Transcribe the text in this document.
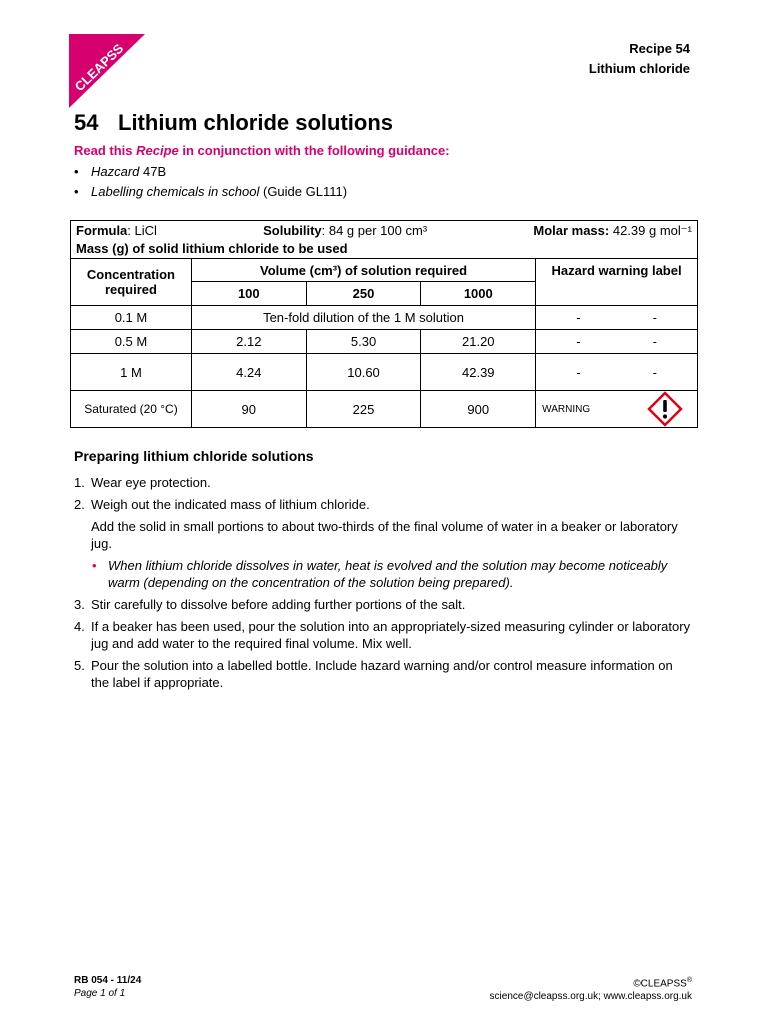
CLEAPSS	Recipe 54
Lithium chloride
54 Lithium chloride solutions
Read this Recipe in conjunction with the following guidance:
• Hazcard 47B
• Labelling chemicals in school (Guide GL111)
Formula: LiCl Solubility: 84 g per 100 cm³ Molar mass: 42.39 g mol⁻¹
Mass (g) of solid lithium chloride to be used				

Concentration required	Volume (cm³) of solution required			Hazard warning label
	100	250	1000	
0.1 M	Ten-fold dilution of the 1 M solution			- -

0.5 M	2.12	5.30	21.20	- -

1 M	4.24	10.60	42.39	- -

Saturated (20 °C)	90	225	900	WARNING
Preparing lithium chloride solutions
1. Wear eye protection.
2. Weigh out the indicated mass of lithium chloride.
Add the solid in small portions to about two-thirds of the final volume of water in a beaker or laboratory jug.
• When lithium chloride dissolves in water, heat is evolved and the solution may become noticeably warm (depending on the concentration of the solution being prepared).
3. Stir carefully to dissolve before adding further portions of the salt.
4. If a beaker has been used, pour the solution into an appropriately-sized measuring cylinder or laboratory jug and add water to the required final volume. Mix well.
5. Pour the solution into a labelled bottle. Include hazard warning and/or control measure information on the label if appropriate.
RB 054 - 11/24
Page 1 of 1
©CLEAPSS®
science@cleapss.org.uk; www.cleapss.org.uk
